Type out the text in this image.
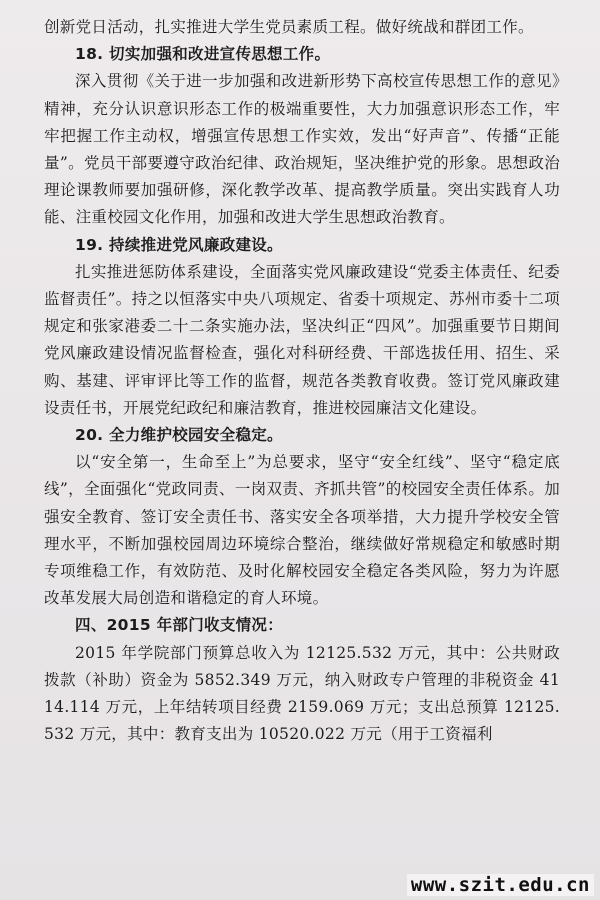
创新党日活动，扎实推进大学生党员素质工程。做好统战和群团工作。

18. 切实加强和改进宣传思想工作。

深入贯彻《关于进一步加强和改进新形势下高校宣传思想工作的意见》精神，充分认识意识形态工作的极端重要性，大力加强意识形态工作，牢牢把握工作主动权，增强宣传思想工作实效，发出“好声音”、传播“正能量”。党员干部要遵守政治纪律、政治规矩，坚决维护党的形象。思想政治理论课教师要加强研修，深化教学改革、提高教学质量。突出实践育人功能、注重校园文化作用，加强和改进大学生思想政治教育。

19. 持续推进党风廉政建设。

扎实推进惩防体系建设，全面落实党风廉政建设“党委主体责任、纪委监督责任”。持之以恒落实中央八项规定、省委十项规定、苏州市委十二项规定和张家港委二十二条实施办法，坚决纠正“四风”。加强重要节日期间党风廉政建设情况监督检查，强化对科研经费、干部选拔任用、招生、采购、基建、评审评比等工作的监督，规范各类教育收费。签订党风廉政建设责任书，开展党纪政纪和廉洁教育，推进校园廉洁文化建设。

20. 全力维护校园安全稳定。

以“安全第一，生命至上”为总要求，坚守“安全红线”、坚守“稳定底线”，全面强化“党政同责、一岗双责、齐抓共管”的校园安全责任体系。加强安全教育、签订安全责任书、落实安全各项举措，大力提升学校安全管理水平，不断加强校园周边环境综合整治，继续做好常规稳定和敏感时期专项维稳工作，有效防范、及时化解校园安全稳定各类风险，努力为许愿改革发展大局创造和谐稳定的育人环境。

四、2015 年部门收支情况：

2015 年学院部门预算总收入为 12125.532 万元，其中：公共财政拨款（补助）资金为 5852.349 万元，纳入财政专户管理的非税资金 4114.114 万元，上年结转项目经费 2159.069 万元；支出总预算 12125.532 万元，其中：教育支出为 10520.022 万元（用于工资福利

www.szit.edu.cn
